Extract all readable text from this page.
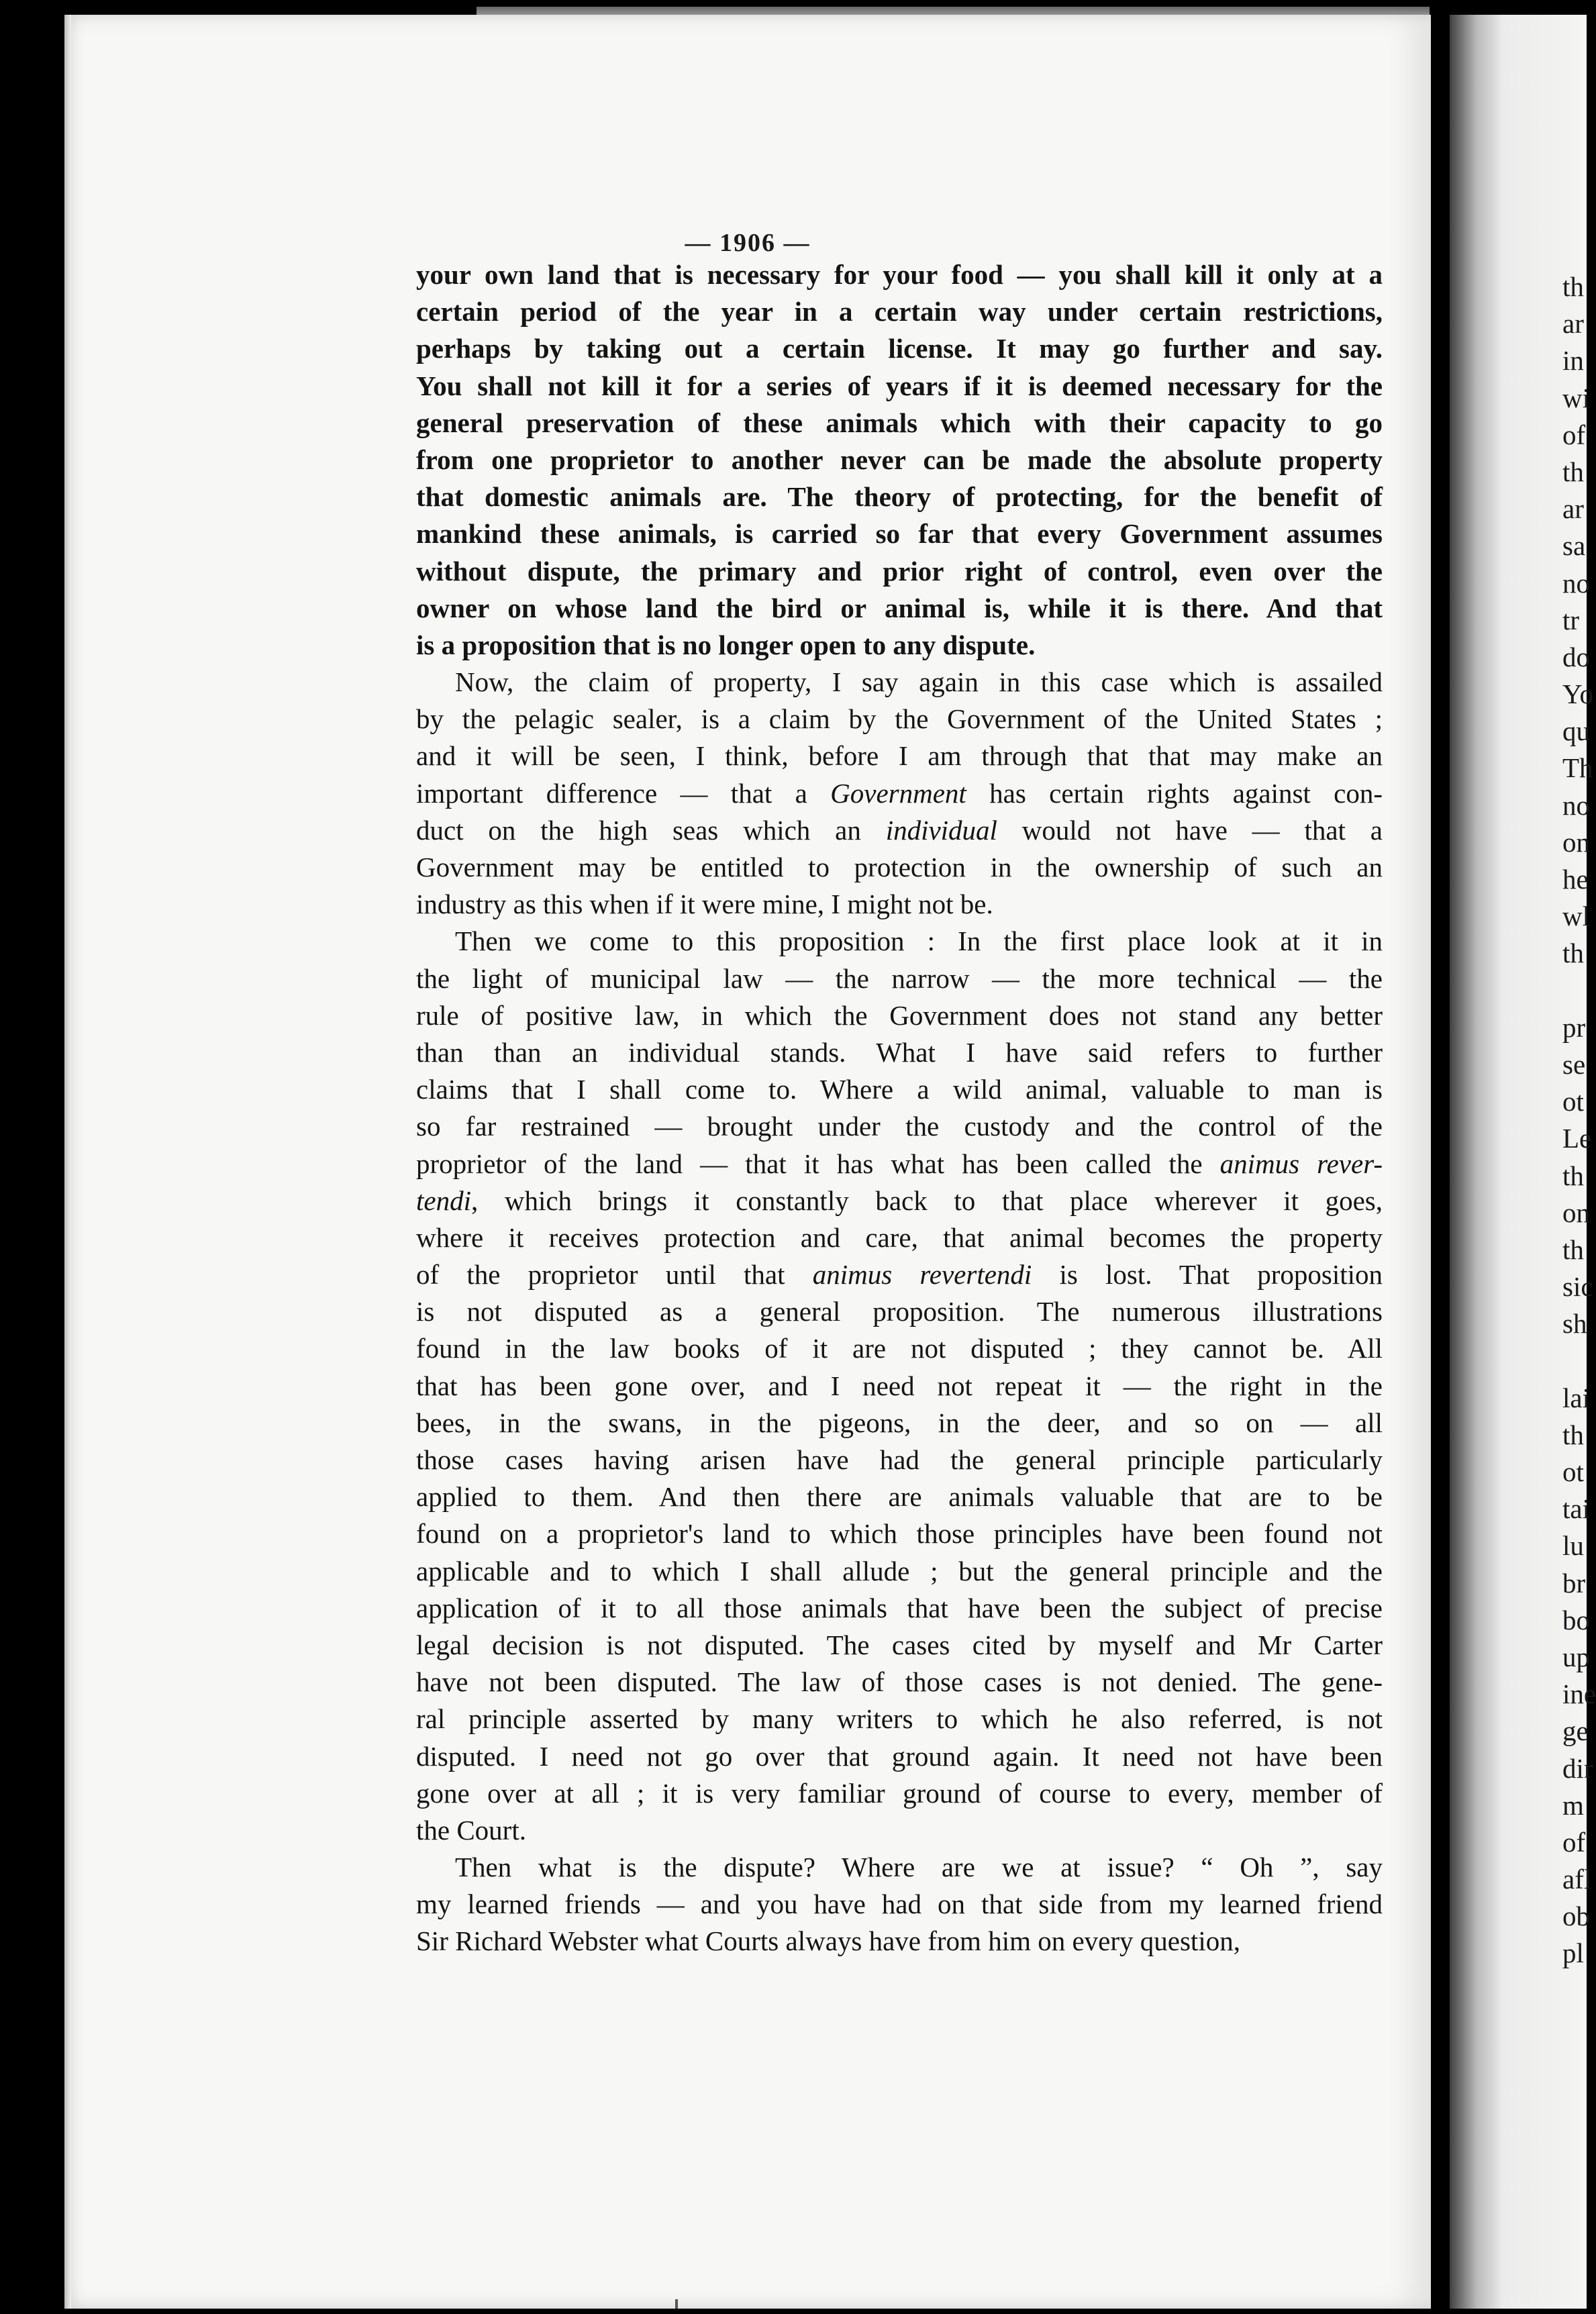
— 1906 —
your own land that is necessary for your food — you shall kill it only at a
certain period of the year in a certain way under certain restrictions,
perhaps by taking out a certain license. It may go further and say.
You shall not kill it for a series of years if it is deemed necessary for the
general preservation of these animals which with their capacity to go
from one proprietor to another never can be made the absolute property
that domestic animals are. The theory of protecting, for the benefit of
mankind these animals, is carried so far that every Government assumes
without dispute, the primary and prior right of control, even over the
owner on whose land the bird or animal is, while it is there. And that
is a proposition that is no longer open to any dispute.
Now, the claim of property, I say again in this case which is assailed
by the pelagic sealer, is a claim by the Government of the United States ;
and it will be seen, I think, before I am through that that may make an
important difference — that a Government has certain rights against con-
duct on the high seas which an individual would not have — that a
Government may be entitled to protection in the ownership of such an
industry as this when if it were mine, I might not be.
Then we come to this proposition : In the first place look at it in
the light of municipal law — the narrow — the more technical — the
rule of positive law, in which the Government does not stand any better
than than an individual stands. What I have said refers to further
claims that I shall come to. Where a wild animal, valuable to man is
so far restrained — brought under the custody and the control of the
proprietor of the land — that it has what has been called the animus rever-
tendi, which brings it constantly back to that place wherever it goes,
where it receives protection and care, that animal becomes the property
of the proprietor until that animus revertendi is lost. That proposition
is not disputed as a general proposition. The numerous illustrations
found in the law books of it are not disputed ; they cannot be. All
that has been gone over, and I need not repeat it — the right in the
bees, in the swans, in the pigeons, in the deer, and so on — all
those cases having arisen have had the general principle particularly
applied to them. And then there are animals valuable that are to be
found on a proprietor's land to which those principles have been found not
applicable and to which I shall allude ; but the general principle and the
application of it to all those animals that have been the subject of precise
legal decision is not disputed. The cases cited by myself and Mr Carter
have not been disputed. The law of those cases is not denied. The gene-
ral principle asserted by many writers to which he also referred, is not
disputed. I need not go over that ground again. It need not have been
gone over at all ; it is very familiar ground of course to every, member of
the Court.
Then what is the dispute? Where are we at issue? “ Oh ”, say
my learned friends — and you have had on that side from my learned friend
Sir Richard Webster what Courts always have from him on every question,
th
ar
in
wi
of
th
ar
sa
no
tr
do
Yo
qu
Th
no
on
he
wl
th
pr
se
ot
Le
th
on
th
sic
sh
lai
th
ot
tai
lu
br
bo
up
ine
ge
dir
m
of
afl
ob
pl
